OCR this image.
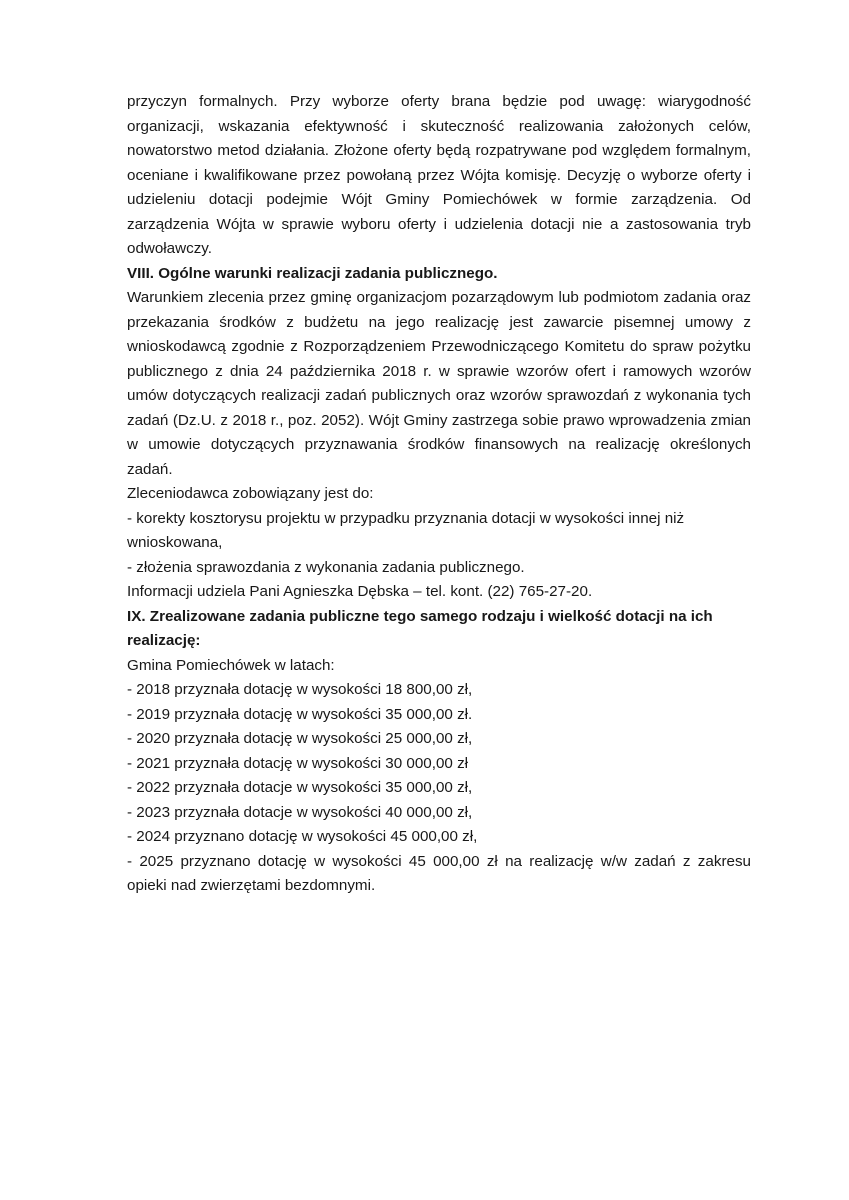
przyczyn formalnych. Przy wyborze oferty brana będzie pod uwagę: wiarygodność organizacji, wskazania efektywność i skuteczność realizowania założonych celów, nowatorstwo metod działania. Złożone oferty będą rozpatrywane pod względem formalnym, oceniane i kwalifikowane przez powołaną przez Wójta komisję. Decyzję o wyborze oferty i udzieleniu dotacji podejmie Wójt Gminy Pomiechówek w formie zarządzenia. Od zarządzenia Wójta w sprawie wyboru oferty i udzielenia dotacji nie a zastosowania tryb odwoławczy.

VIII. Ogólne warunki realizacji zadania publicznego.

Warunkiem zlecenia przez gminę organizacjom pozarządowym lub podmiotom zadania oraz przekazania środków z budżetu na jego realizację jest zawarcie pisemnej umowy z wnioskodawcą zgodnie z Rozporządzeniem Przewodniczącego Komitetu do spraw pożytku publicznego z dnia 24 października 2018 r. w sprawie wzorów ofert i ramowych wzorów umów dotyczących realizacji zadań publicznych oraz wzorów sprawozdań z wykonania tych zadań (Dz.U. z 2018 r., poz. 2052). Wójt Gminy zastrzega sobie prawo wprowadzenia zmian w umowie dotyczących przyznawania środków finansowych na realizację określonych zadań.

Zleceniodawca zobowiązany jest do:

- korekty kosztorysu projektu w przypadku przyznania dotacji w wysokości innej niż wnioskowana,

- złożenia sprawozdania z wykonania zadania publicznego.

Informacji udziela Pani Agnieszka Dębska – tel. kont. (22) 765-27-20.

IX. Zrealizowane zadania publiczne tego samego rodzaju i wielkość dotacji na ich realizację:

Gmina Pomiechówek w latach:

- 2018 przyznała dotację w wysokości 18 800,00 zł,

- 2019 przyznała dotację w wysokości 35 000,00 zł.

- 2020 przyznała dotację w wysokości 25 000,00 zł,

- 2021 przyznała dotację w wysokości 30 000,00 zł

- 2022 przyznała dotacje w wysokości 35 000,00 zł,

- 2023 przyznała dotacje w wysokości 40 000,00 zł,

- 2024 przyznano dotację w wysokości 45 000,00 zł,

- 2025 przyznano dotację w wysokości 45 000,00 zł na realizację w/w zadań z zakresu opieki nad zwierzętami bezdomnymi.
